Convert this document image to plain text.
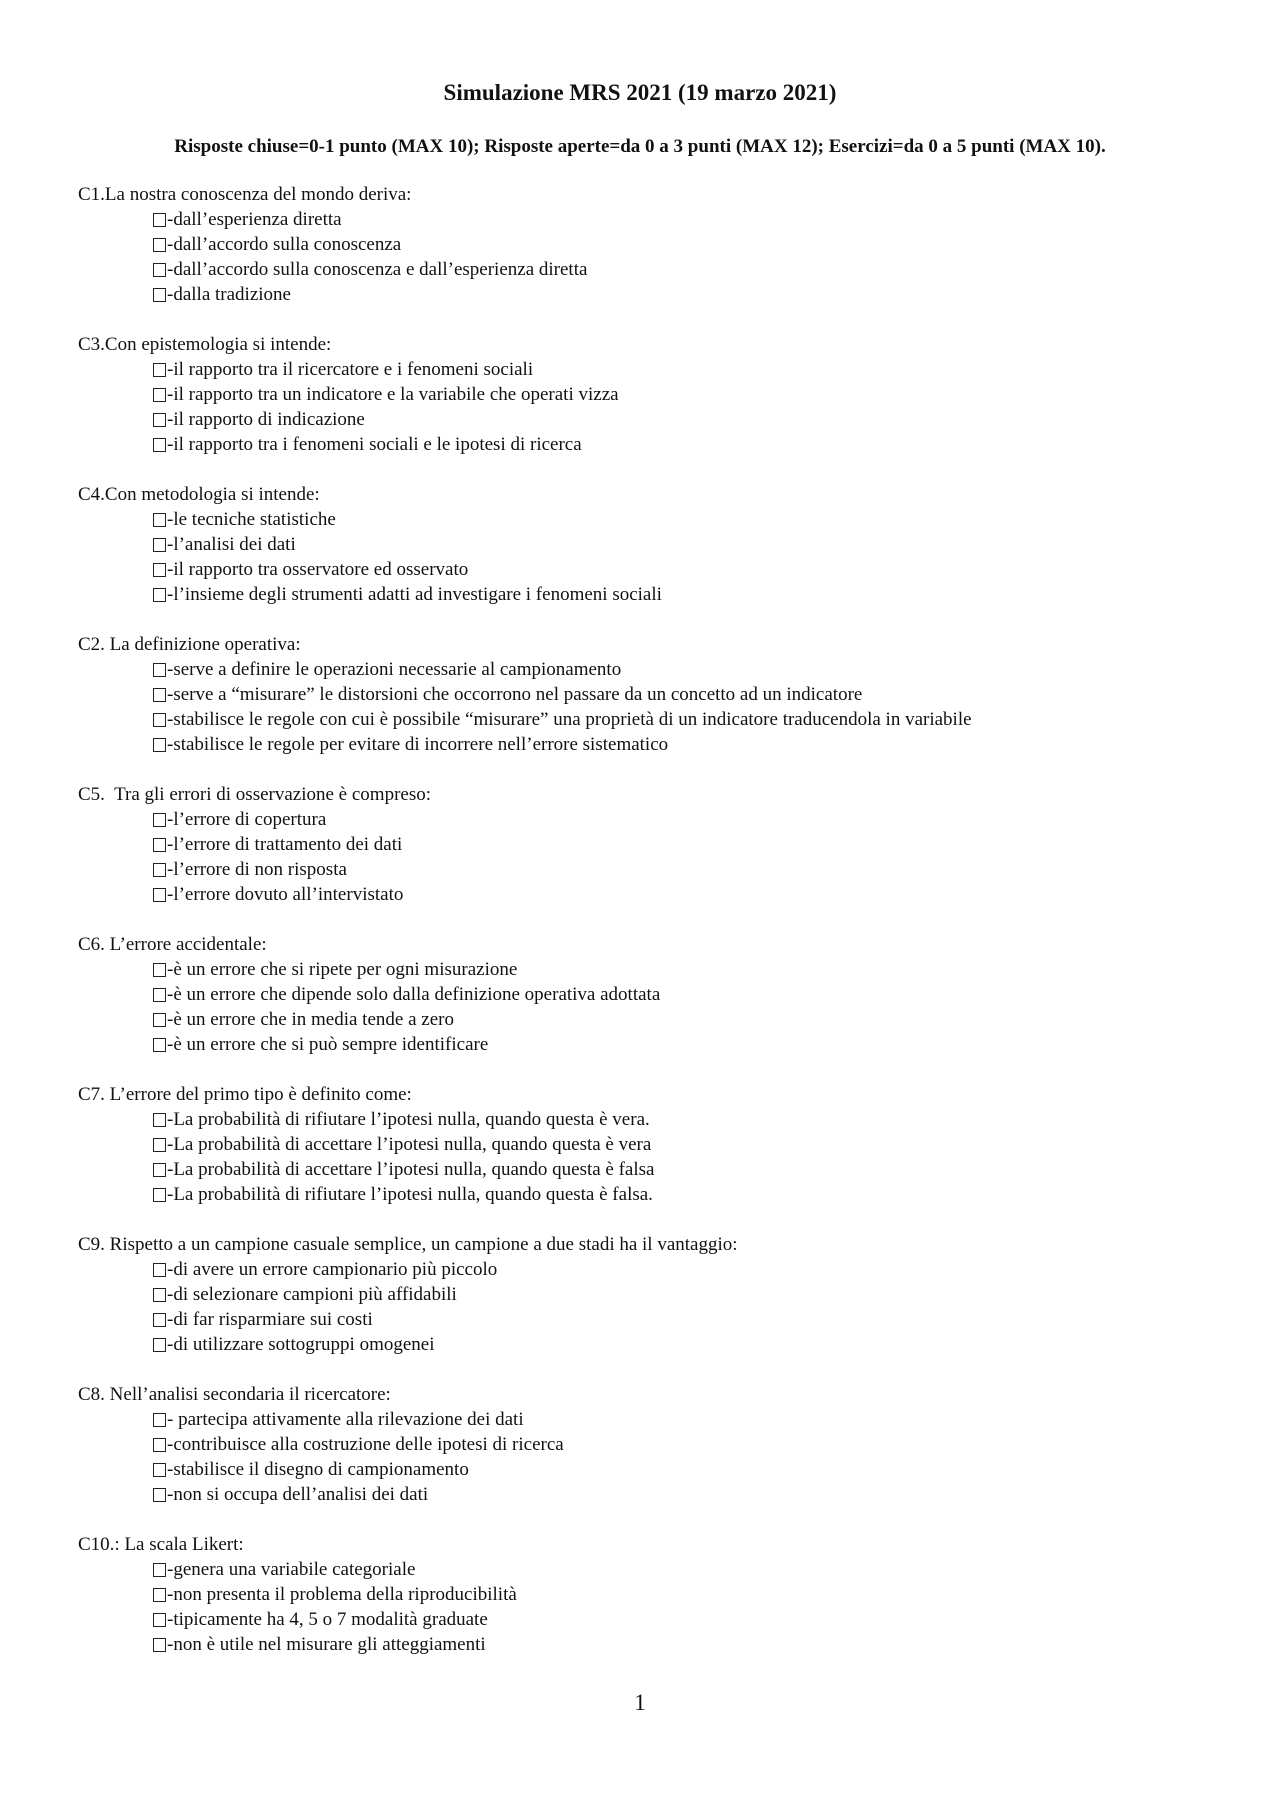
Simulazione MRS 2021 (19 marzo 2021)
Risposte chiuse=0-1 punto (MAX 10); Risposte aperte=da 0 a 3 punti (MAX 12); Esercizi=da 0 a 5 punti (MAX 10).
C1.La nostra conoscenza del mondo deriva:
-dall’esperienza diretta
-dall’accordo sulla conoscenza
-dall’accordo sulla conoscenza e dall’esperienza diretta
-dalla tradizione
C3.Con epistemologia si intende:
-il rapporto tra il ricercatore e i fenomeni sociali
-il rapporto tra un indicatore e la variabile che operati vizza
-il rapporto di indicazione
-il rapporto tra i fenomeni sociali e le ipotesi di ricerca
C4.Con metodologia si intende:
-le tecniche statistiche
-l’analisi dei dati
-il rapporto tra osservatore ed osservato
-l’insieme degli strumenti adatti ad investigare i fenomeni sociali
C2. La definizione operativa:
-serve a definire le operazioni necessarie al campionamento
-serve a “misurare” le distorsioni che occorrono nel passare da un concetto ad un indicatore
-stabilisce le regole con cui è possibile “misurare” una proprietà di un indicatore traducendola in variabile
-stabilisce le regole per evitare di incorrere nell’errore sistematico
C5.  Tra gli errori di osservazione è compreso:
-l’errore di copertura
-l’errore di trattamento dei dati
-l’errore di non risposta
-l’errore dovuto all’intervistato
C6. L’errore accidentale:
-è un errore che si ripete per ogni misurazione
-è un errore che dipende solo dalla definizione operativa adottata
-è un errore che in media tende a zero
-è un errore che si può sempre identificare
C7. L’errore del primo tipo è definito come:
-La probabilità di rifiutare l’ipotesi nulla, quando questa è vera.
-La probabilità di accettare l’ipotesi nulla, quando questa è vera
-La probabilità di accettare l’ipotesi nulla, quando questa è falsa
-La probabilità di rifiutare l’ipotesi nulla, quando questa è falsa.
C9. Rispetto a un campione casuale semplice, un campione a due stadi ha il vantaggio:
-di avere un errore campionario più piccolo
-di selezionare campioni più affidabili
-di far risparmiare sui costi
-di utilizzare sottogruppi omogenei
C8. Nell’analisi secondaria il ricercatore:
- partecipa attivamente alla rilevazione dei dati
-contribuisce alla costruzione delle ipotesi di ricerca
-stabilisce il disegno di campionamento
-non si occupa dell’analisi dei dati
C10.: La scala Likert:
-genera una variabile categoriale
-non presenta il problema della riproducibilità
-tipicamente ha 4, 5 o 7 modalità graduate
-non è utile nel misurare gli atteggiamenti
1
